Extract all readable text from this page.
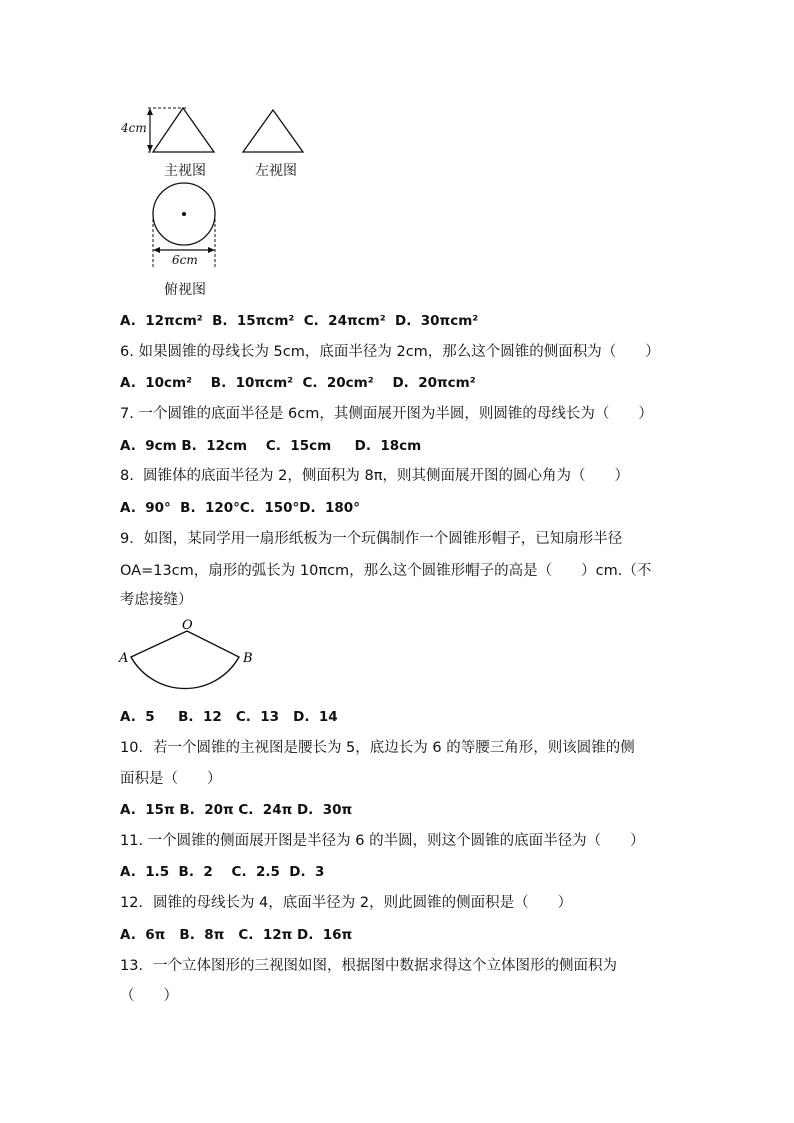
4cm
6cm
主视图	左视图
俯视图
A.  12πcm²  B.  15πcm²  C.  24πcm²  D.  30πcm²
6. 如果圆锥的母线长为 5cm，底面半径为 2cm，那么这个圆锥的侧面积为（　　）
A.  10cm²    B.  10πcm²  C.  20cm²    D.  20πcm²
7. 一个圆锥的底面半径是 6cm，其侧面展开图为半圆，则圆锥的母线长为（　　）
A.  9cm B.  12cm    C.  15cm     D.  18cm
8.  圆锥体的底面半径为 2，侧面积为 8π，则其侧面展开图的圆心角为（　　）
A.  90°  B.  120°C.  150°D.  180°
9．如图，某同学用一扇形纸板为一个玩偶制作一个圆锥形帽子，已知扇形半径
OA=13cm，扇形的弧长为 10πcm，那么这个圆锥形帽子的高是（　　）cm.（不
考虑接缝）
O
A	B
A.  5     B.  12   C.  13   D.  14
10．若一个圆锥的主视图是腰长为 5，底边长为 6 的等腰三角形，则该圆锥的侧
面积是（　　）
A.  15π B.  20π C.  24π D.  30π
11. 一个圆锥的侧面展开图是半径为 6 的半圆，则这个圆锥的底面半径为（　　）
A.  1.5  B.  2    C.  2.5  D.  3
12．圆锥的母线长为 4，底面半径为 2，则此圆锥的侧面积是（　　）
A.  6π   B.  8π   C.  12π D.  16π
13．一个立体图形的三视图如图，根据图中数据求得这个立体图形的侧面积为
（　　）
